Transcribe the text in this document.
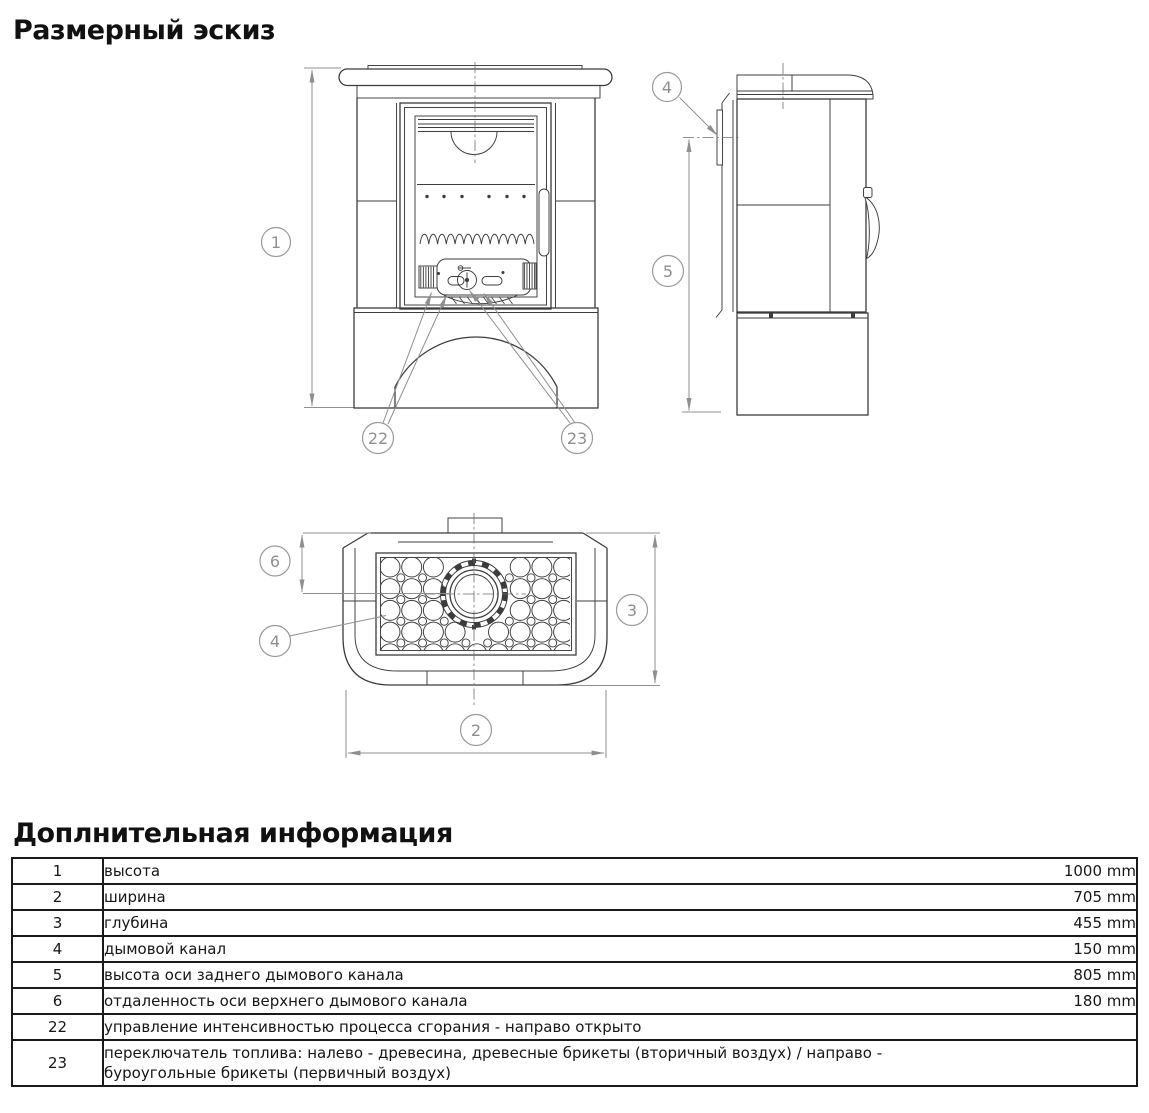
Размерный эскиз
1
22	23
4
5
6
4
3
2
Доплнительная информация
1	высота	1000 mm
2	ширина	705 mm
3	глубина	455 mm
4	дымовой канал	150 mm
5	высота оси заднего дымового канала	805 mm
6	отдаленность оси верхнего дымового канала	180 mm
22	управление интенсивностью процесса сгорания - направо открыто	
23	переключатель топлива: налево - древесина, древесные брикеты (вторичный воздух) / направо - буроугольные брикеты (первичный воздух)	
